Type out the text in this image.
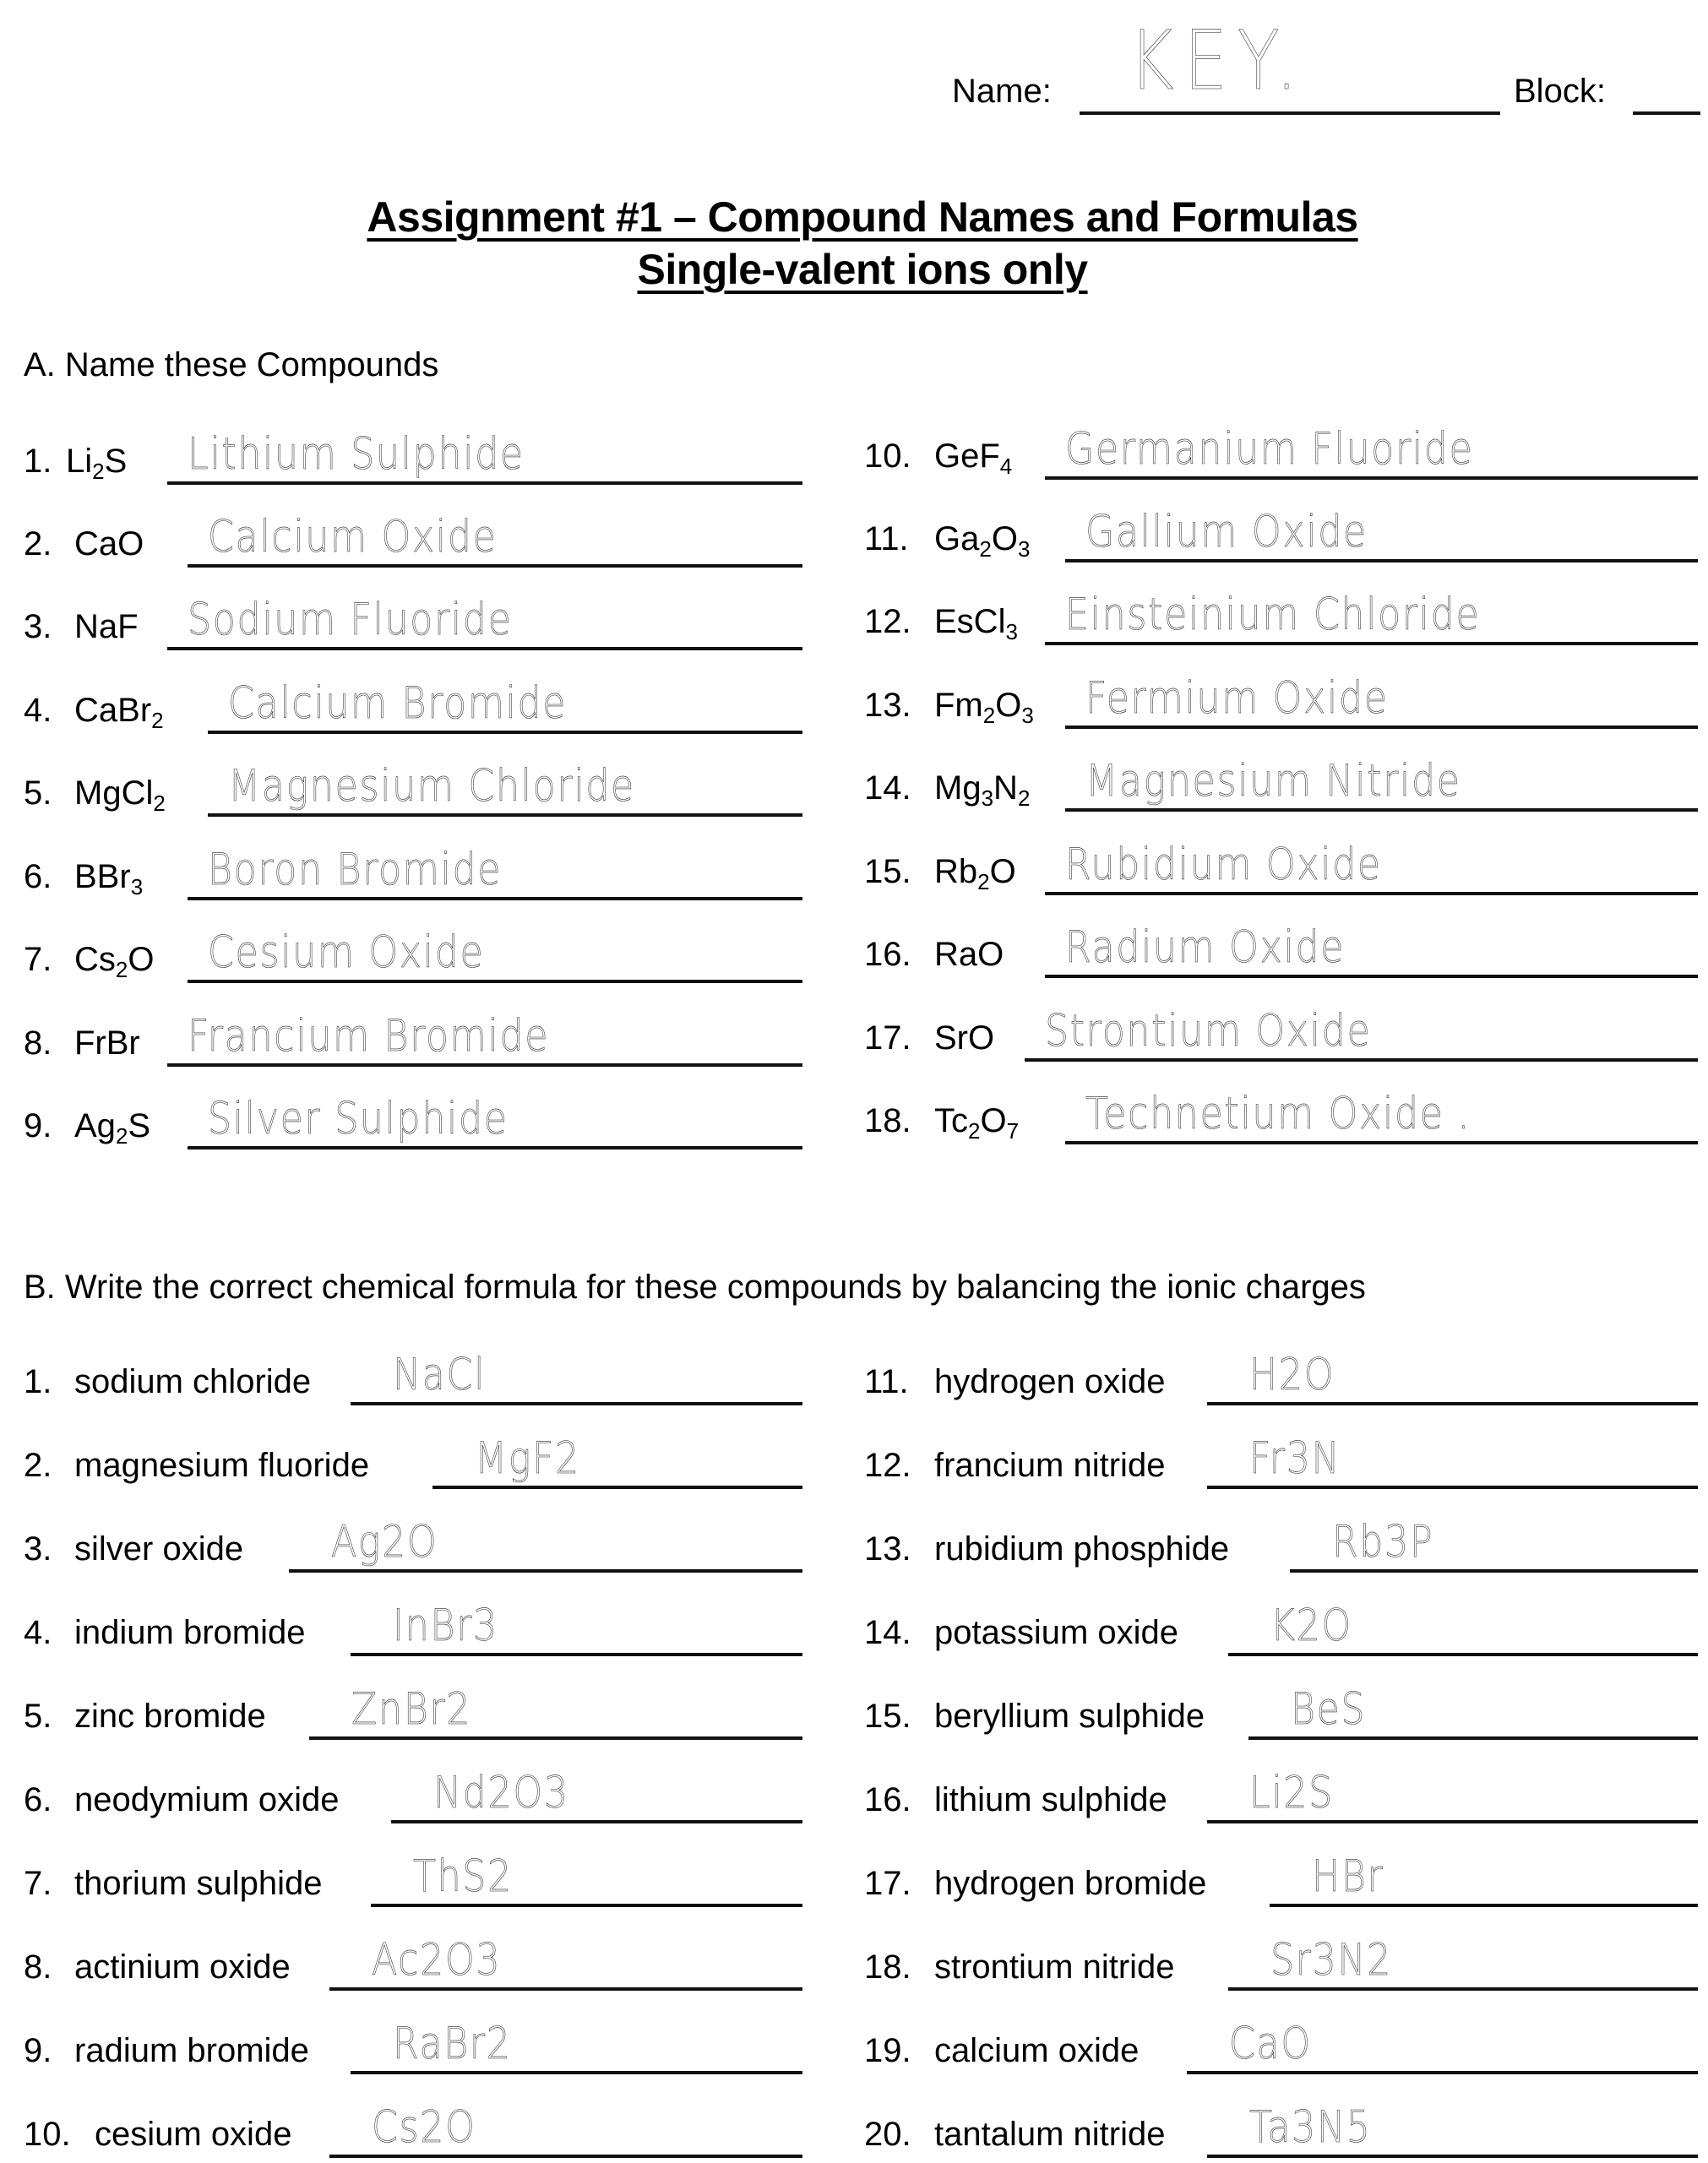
Name: KEY.	Block:
Assignment #1 – Compound Names and Formulas
Single-valent ions only
A. Name these Compounds
1. $Li_2S$ Lithium Sulphide
2. CaO Calcium Oxide
3. NaF Sodium Fluoride
4. CaBr$_2$ Calcium Bromide
5. MgCl$_2$ Magnesium Chloride
6. BBr$_3$ Boron Bromide
7. $Cs_2O$ Cesium Oxide
8. FrBr Francium Bromide
9. $Ag_2S$ Silver Sulphide
10. GeF$_4$ Germanium Fluoride
11. $Ga_2O_3$ Gallium Oxide
12. EsCl$_3$ Einsteinium Chloride
13. $Fm_2O_3$ Fermium Oxide
14. $Mg_3N_2$ Magnesium Nitride
15. $Rb_2O$ Rubidium Oxide
16. RaO Radium Oxide
17. SrO Strontium Oxide
18. $Tc_2O_7$ Technetium Oxide .
B. Write the correct chemical formula for these compounds by balancing the ionic charges
1. sodium chloride NaCl
2. magnesium fluoride MgF2
3. silver oxide Ag2O
4. indium bromide InBr3
5. zinc bromide ZnBr2
6. neodymium oxide Nd2O3
7. thorium sulphide ThS2
8. actinium oxide Ac2O3
9. radium bromide RaBr2
10. cesium oxide Cs2O
11. hydrogen oxide H2O
12. francium nitride Fr3N
13. rubidium phosphide Rb3P
14. potassium oxide K2O
15. beryllium sulphide BeS
16. lithium sulphide Li2S
17. hydrogen bromide HBr
18. strontium nitride Sr3N2
19. calcium oxide CaO
20. tantalum nitride Ta3N5
